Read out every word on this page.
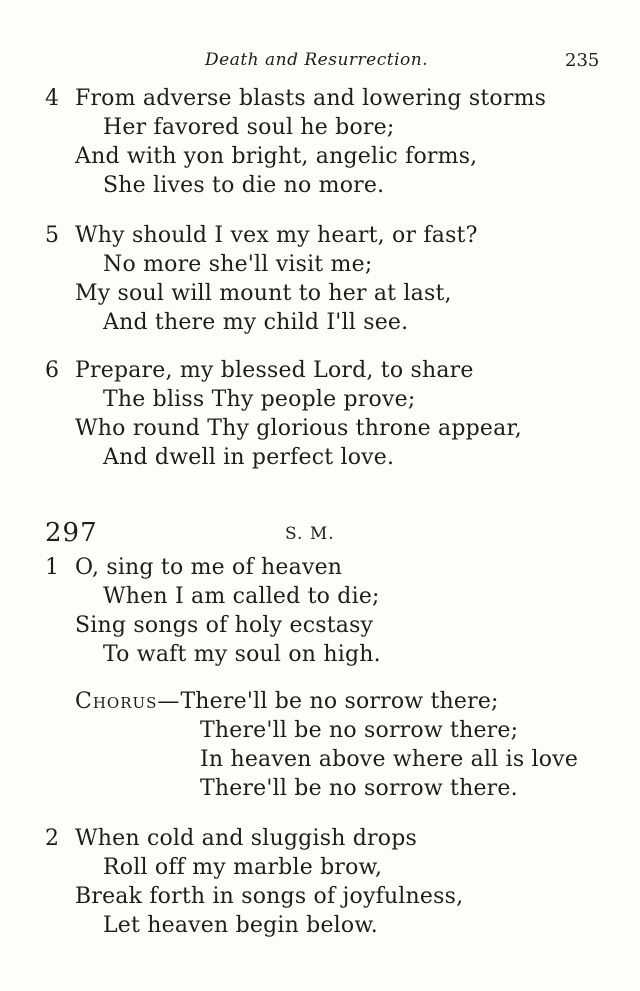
Death and Resurrection.	235
4 From adverse blasts and lowering storms
Her favored soul he bore;
And with yon bright, angelic forms,
She lives to die no more.
5 Why should I vex my heart, or fast?
No more she'll visit me;
My soul will mount to her at last,
And there my child I'll see.
6 Prepare, my blessed Lord, to share
The bliss Thy people prove;
Who round Thy glorious throne appear,
And dwell in perfect love.
297	S. M.
1 O, sing to me of heaven
When I am called to die;
Sing songs of holy ecstasy
To waft my soul on high.
Chorus—There'll be no sorrow there;
There'll be no sorrow there;
In heaven above where all is love
There'll be no sorrow there.
2 When cold and sluggish drops
Roll off my marble brow,
Break forth in songs of joyfulness,
Let heaven begin below.
